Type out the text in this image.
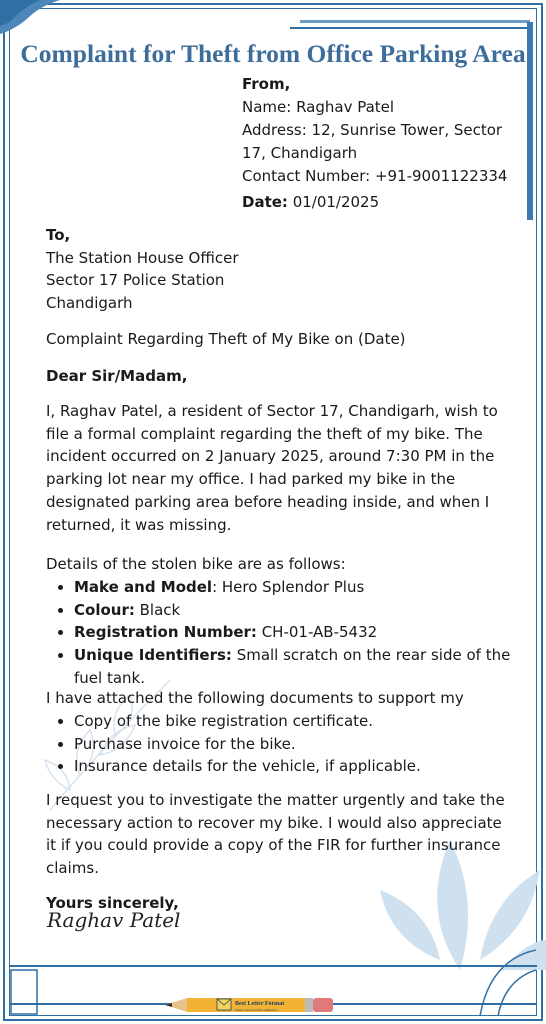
Complaint for Theft from Office Parking Area
From,
Name: Raghav Patel
Address: 12, Sunrise Tower, Sector
17, Chandigarh
Contact Number: +91-9001122334
Date: 01/01/2025
To,
The Station House Officer
Sector 17 Police Station
Chandigarh
Complaint Regarding Theft of My Bike on (Date)
Dear Sir/Madam,
I, Raghav Patel, a resident of Sector 17, Chandigarh, wish to file a formal complaint regarding the theft of my bike. The incident occurred on 2 January 2025, around 7:30 PM in the parking lot near my office. I had parked my bike in the designated parking area before heading inside, and when I returned, it was missing.
Details of the stolen bike are as follows:
• Make and Model: Hero Splendor Plus
• Colour: Black
• Registration Number: CH-01-AB-5432
• Unique Identifiers: Small scratch on the rear side of the fuel tank.
I have attached the following documents to support my
• Copy of the bike registration certificate.
• Purchase invoice for the bike.
• Insurance details for the vehicle, if applicable.
I request you to investigate the matter urgently and take the necessary action to recover my bike. I would also appreciate it if you could provide a copy of the FIR for further insurance claims.
Yours sincerely,
Raghav Patel
Best Letter Format
Write Letters with Confidence
